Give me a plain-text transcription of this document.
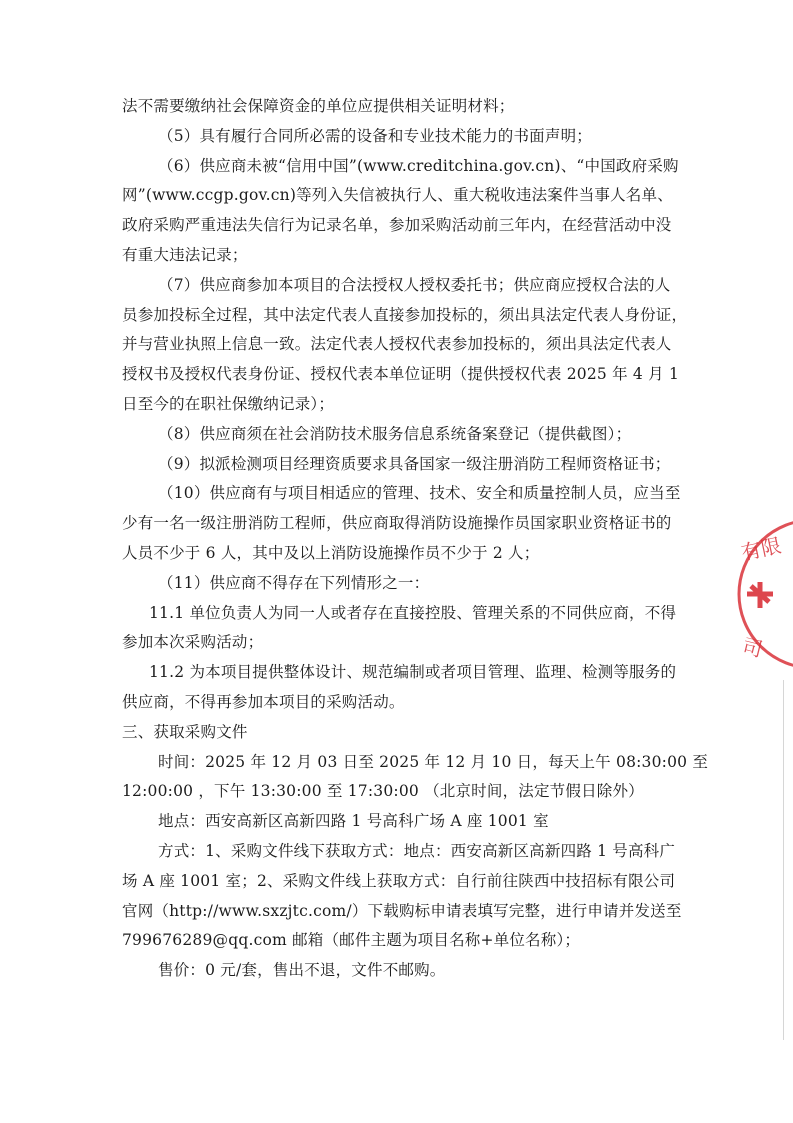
法不需要缴纳社会保障资金的单位应提供相关证明材料；
（5）具有履行合同所必需的设备和专业技术能力的书面声明；
（6）供应商未被“信用中国”(www.creditchina.gov.cn)、“中国政府采购
网”(www.ccgp.gov.cn)等列入失信被执行人、重大税收违法案件当事人名单、
政府采购严重违法失信行为记录名单，参加采购活动前三年内，在经营活动中没
有重大违法记录；
（7）供应商参加本项目的合法授权人授权委托书；供应商应授权合法的人
员参加投标全过程，其中法定代表人直接参加投标的，须出具法定代表人身份证，
并与营业执照上信息一致。法定代表人授权代表参加投标的，须出具法定代表人
授权书及授权代表身份证、授权代表本单位证明（提供授权代表 2025 年 4 月 1
日至今的在职社保缴纳记录）；
（8）供应商须在社会消防技术服务信息系统备案登记（提供截图）；
（9）拟派检测项目经理资质要求具备国家一级注册消防工程师资格证书；
（10）供应商有与项目相适应的管理、技术、安全和质量控制人员，应当至
少有一名一级注册消防工程师，供应商取得消防设施操作员国家职业资格证书的
人员不少于 6 人，其中及以上消防设施操作员不少于 2 人；
（11）供应商不得存在下列情形之一：
11.1 单位负责人为同一人或者存在直接控股、管理关系的不同供应商，不得
参加本次采购活动；
11.2 为本项目提供整体设计、规范编制或者项目管理、监理、检测等服务的
供应商，不得再参加本项目的采购活动。
三、获取采购文件
时间：2025 年 12 月 03 日至 2025 年 12 月 10 日，每天上午 08:30:00 至
12:00:00 ，下午 13:30:00 至 17:30:00 （北京时间，法定节假日除外）
地点：西安高新区高新四路 1 号高科广场 A 座 1001 室
方式：1、采购文件线下获取方式：地点：西安高新区高新四路 1 号高科广
场 A 座 1001 室；2、采购文件线上获取方式：自行前往陕西中技招标有限公司
官网（http://www.sxzjtc.com/）下载购标申请表填写完整，进行申请并发送至
799676289@qq.com 邮箱（邮件主题为项目名称+单位名称）；
售价：0 元/套，售出不退，文件不邮购。
有限
司
